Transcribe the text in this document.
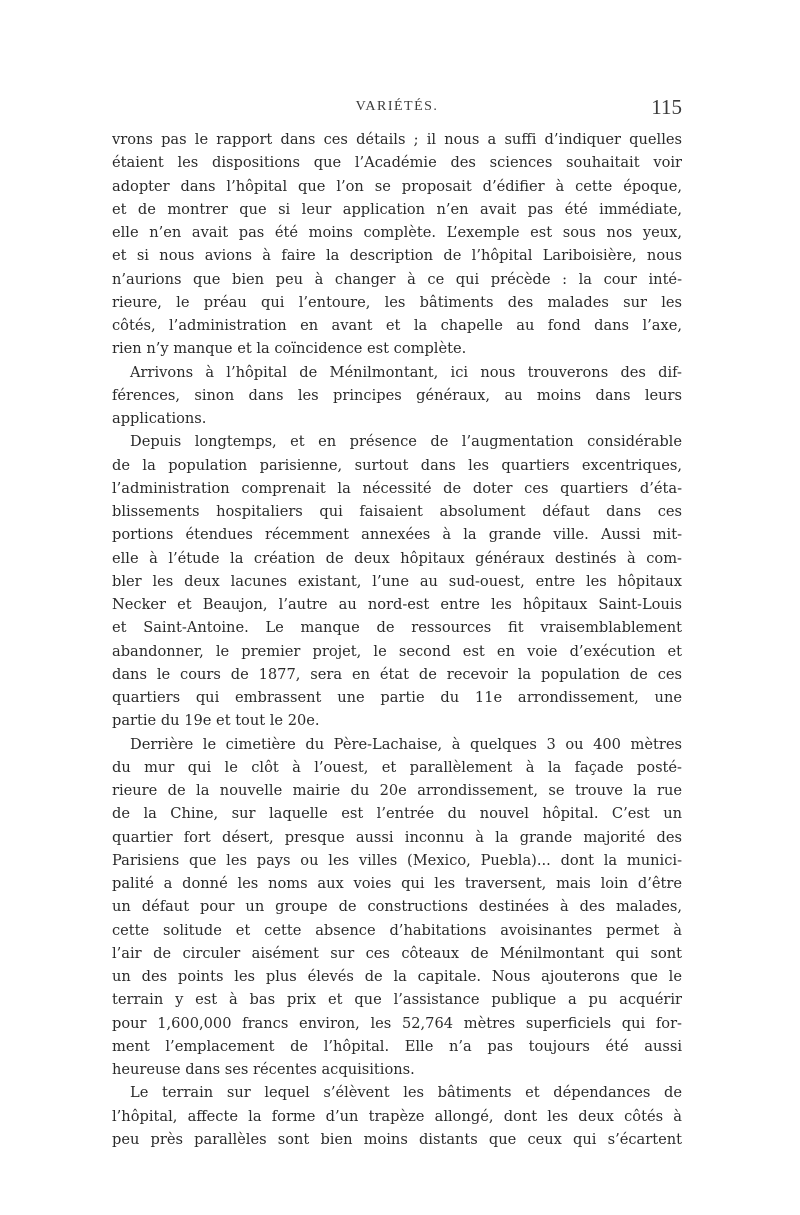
VARIÉTÉS.	115
vrons pas le rapport dans ces détails ; il nous a suffi d’indiquer quelles
étaient les dispositions que l’Académie des sciences souhaitait voir
adopter dans l’hôpital que l’on se proposait d’édifier à cette époque,
et de montrer que si leur application n’en avait pas été immédiate,
elle n’en avait pas été moins complète. L’exemple est sous nos yeux,
et si nous avions à faire la description de l’hôpital Lariboisière, nous
n’aurions que bien peu à changer à ce qui précède : la cour inté-
rieure, le préau qui l’entoure, les bâtiments des malades sur les
côtés, l’administration en avant et la chapelle au fond dans l’axe,
rien n’y manque et la coïncidence est complète.
Arrivons à l’hôpital de Ménilmontant, ici nous trouverons des dif-
férences, sinon dans les principes généraux, au moins dans leurs
applications.
Depuis longtemps, et en présence de l’augmentation considérable
de la population parisienne, surtout dans les quartiers excentriques,
l’administration comprenait la nécessité de doter ces quartiers d’éta-
blissements hospitaliers qui faisaient absolument défaut dans ces
portions étendues récemment annexées à la grande ville. Aussi mit-
elle à l’étude la création de deux hôpitaux généraux destinés à com-
bler les deux lacunes existant, l’une au sud-ouest, entre les hôpitaux
Necker et Beaujon, l’autre au nord-est entre les hôpitaux Saint-Louis
et Saint-Antoine. Le manque de ressources fit vraisemblablement
abandonner, le premier projet, le second est en voie d’exécution et
dans le cours de 1877, sera en état de recevoir la population de ces
quartiers qui embrassent une partie du 11e arrondissement, une
partie du 19e et tout le 20e.
Derrière le cimetière du Père-Lachaise, à quelques 3 ou 400 mètres
du mur qui le clôt à l’ouest, et parallèlement à la façade posté-
rieure de la nouvelle mairie du 20e arrondissement, se trouve la rue
de la Chine, sur laquelle est l’entrée du nouvel hôpital. C’est un
quartier fort désert, presque aussi inconnu à la grande majorité des
Parisiens que les pays ou les villes (Mexico, Puebla)... dont la munici-
palité a donné les noms aux voies qui les traversent, mais loin d’être
un défaut pour un groupe de constructions destinées à des malades,
cette solitude et cette absence d’habitations avoisinantes permet à
l’air de circuler aisément sur ces côteaux de Ménilmontant qui sont
un des points les plus élevés de la capitale. Nous ajouterons que le
terrain y est à bas prix et que l’assistance publique a pu acquérir
pour 1,600,000 francs environ, les 52,764 mètres superficiels qui for-
ment l’emplacement de l’hôpital. Elle n’a pas toujours été aussi
heureuse dans ses récentes acquisitions.
Le terrain sur lequel s’élèvent les bâtiments et dépendances de
l’hôpital, affecte la forme d’un trapèze allongé, dont les deux côtés à
peu près parallèles sont bien moins distants que ceux qui s’écartent
